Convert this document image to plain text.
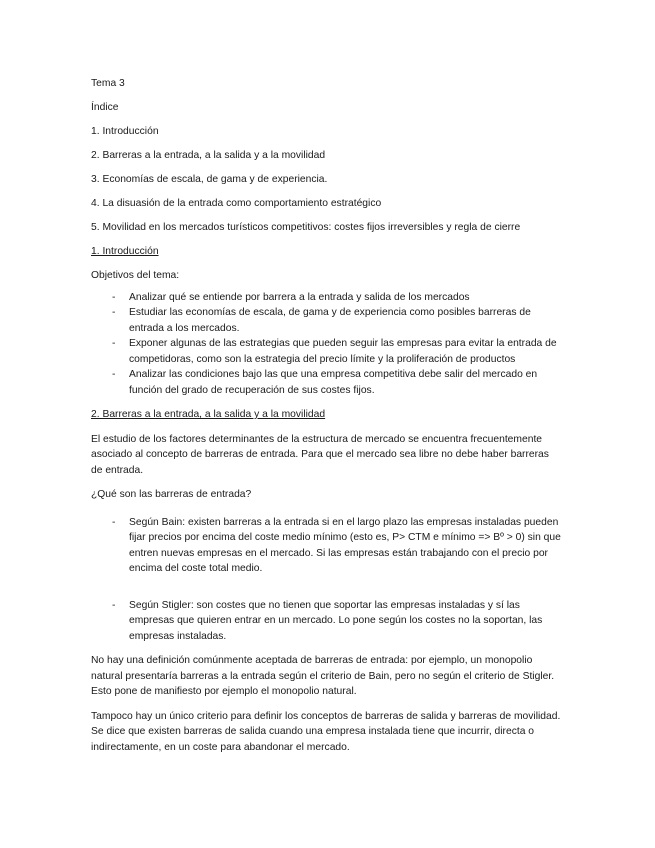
Tema 3

Índice

1. Introducción

2. Barreras a la entrada, a la salida y a la movilidad

3. Economías de escala, de gama y de experiencia.

4. La disuasión de la entrada como comportamiento estratégico

5. Movilidad en los mercados turísticos competitivos: costes fijos irreversibles y regla de cierre

1. Introducción

Objetivos del tema:

- Analizar qué se entiende por barrera a la entrada y salida de los mercados
- Estudiar las economías de escala, de gama y de experiencia como posibles barreras de entrada a los mercados.
- Exponer algunas de las estrategias que pueden seguir las empresas para evitar la entrada de competidoras, como son la estrategia del precio límite y la proliferación de productos
- Analizar las condiciones bajo las que una empresa competitiva debe salir del mercado en función del grado de recuperación de sus costes fijos.

2. Barreras a la entrada, a la salida y a la movilidad

El estudio de los factores determinantes de la estructura de mercado se encuentra frecuentemente asociado al concepto de barreras de entrada. Para que el mercado sea libre no debe haber barreras de entrada.

¿Qué son las barreras de entrada?

- Según Bain: existen barreras a la entrada si en el largo plazo las empresas instaladas pueden fijar precios por encima del coste medio mínimo (esto es, P> CTM e mínimo => Bº > 0) sin que entren nuevas empresas en el mercado. Si las empresas están trabajando con el precio por encima del coste total medio.
- Según Stigler: son costes que no tienen que soportar las empresas instaladas y sí las empresas que quieren entrar en un mercado. Lo pone según los costes no la soportan, las empresas instaladas.

No hay una definición comúnmente aceptada de barreras de entrada: por ejemplo, un monopolio natural presentaría barreras a la entrada según el criterio de Bain, pero no según el criterio de Stigler. Esto pone de manifiesto por ejemplo el monopolio natural.

Tampoco hay un único criterio para definir los conceptos de barreras de salida y barreras de movilidad. Se dice que existen barreras de salida cuando una empresa instalada tiene que incurrir, directa o indirectamente, en un coste para abandonar el mercado.
